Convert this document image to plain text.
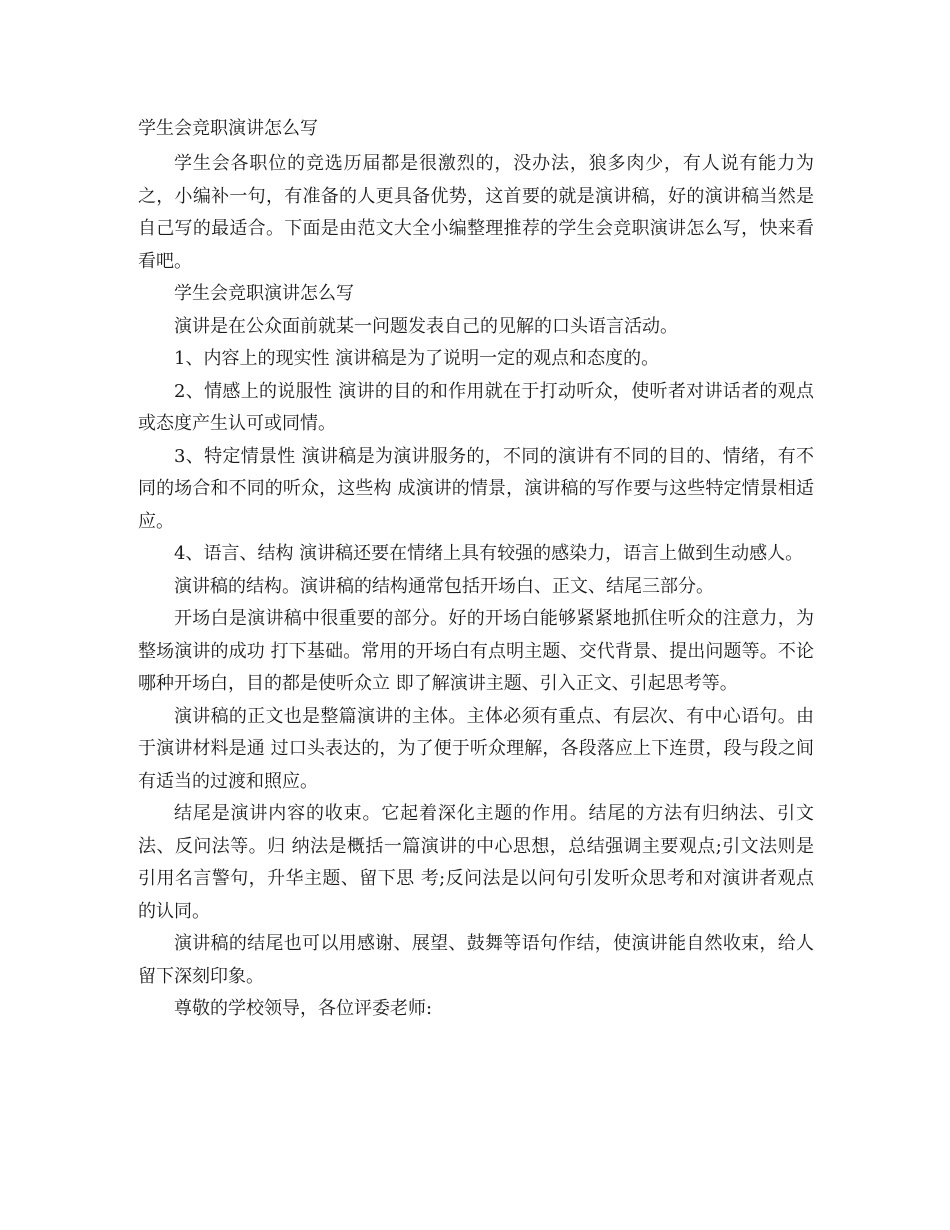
学生会竞职演讲怎么写

学生会各职位的竞选历届都是很激烈的，没办法，狼多肉少，有人说有能力为之，小编补一句，有准备的人更具备优势，这首要的就是演讲稿，好的演讲稿当然是自己写的最适合。下面是由范文大全小编整理推荐的学生会竞职演讲怎么写，快来看看吧。

学生会竞职演讲怎么写

演讲是在公众面前就某一问题发表自己的见解的口头语言活动。

1、内容上的现实性 演讲稿是为了说明一定的观点和态度的。

2、情感上的说服性 演讲的目的和作用就在于打动听众，使听者对讲话者的观点或态度产生认可或同情。

3、特定情景性 演讲稿是为演讲服务的，不同的演讲有不同的目的、情绪，有不同的场合和不同的听众，这些构 成演讲的情景，演讲稿的写作要与这些特定情景相适应。

4、语言、结构 演讲稿还要在情绪上具有较强的感染力，语言上做到生动感人。

演讲稿的结构。演讲稿的结构通常包括开场白、正文、结尾三部分。

开场白是演讲稿中很重要的部分。好的开场白能够紧紧地抓住听众的注意力，为整场演讲的成功 打下基础。常用的开场白有点明主题、交代背景、提出问题等。不论哪种开场白，目的都是使听众立 即了解演讲主题、引入正文、引起思考等。

演讲稿的正文也是整篇演讲的主体。主体必须有重点、有层次、有中心语句。由于演讲材料是通 过口头表达的，为了便于听众理解，各段落应上下连贯，段与段之间有适当的过渡和照应。

结尾是演讲内容的收束。它起着深化主题的作用。结尾的方法有归纳法、引文法、反问法等。归 纳法是概括一篇演讲的中心思想，总结强调主要观点;引文法则是引用名言警句，升华主题、留下思 考;反问法是以问句引发听众思考和对演讲者观点的认同。

演讲稿的结尾也可以用感谢、展望、鼓舞等语句作结，使演讲能自然收束，给人留下深刻印象。

尊敬的学校领导，各位评委老师:
